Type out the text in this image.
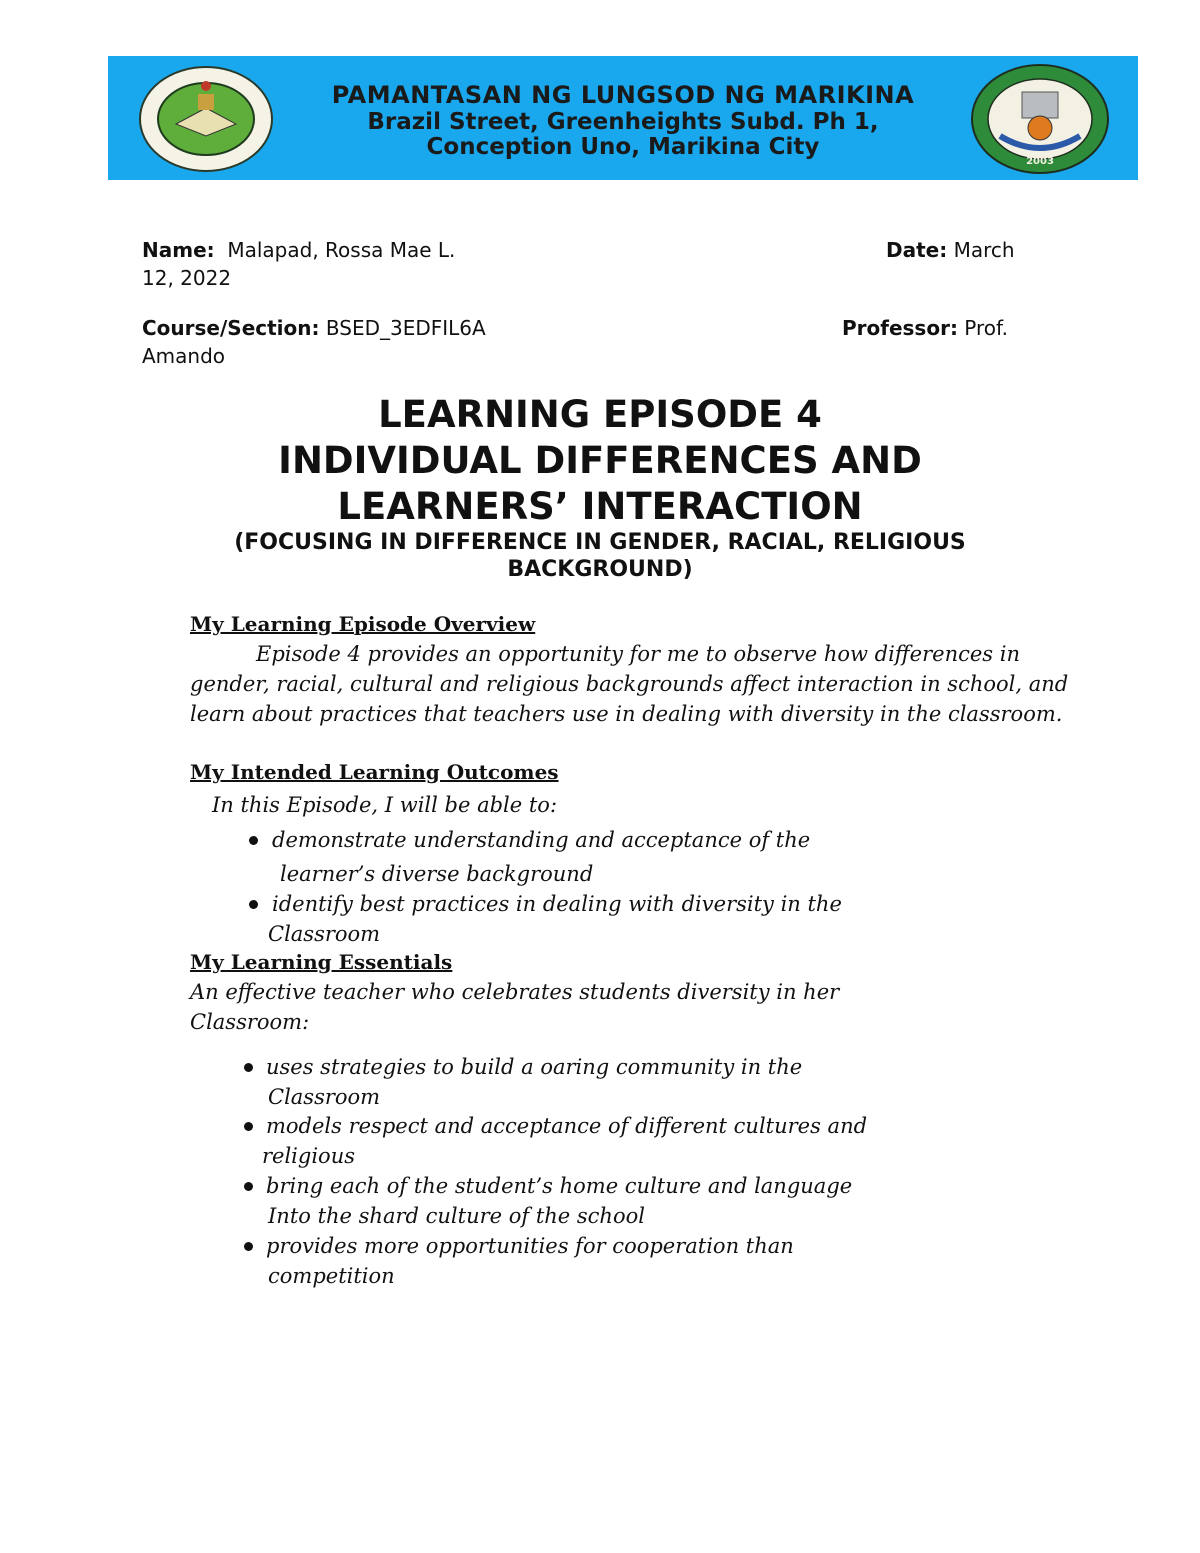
2003
PAMANTASAN NG LUNGSOD NG MARIKINA
Brazil Street, Greenheights Subd. Ph 1,
Conception Uno, Marikina City
Name: Malapad, Rossa Mae L.	Date: March
12, 2022
Course/Section: BSED_3EDFIL6A	Professor: Prof.
Amando
LEARNING EPISODE 4
INDIVIDUAL DIFFERENCES AND
LEARNERS’ INTERACTION
(FOCUSING IN DIFFERENCE IN GENDER, RACIAL, RELIGIOUS
BACKGROUND)
My Learning Episode Overview
Episode 4 provides an opportunity for me to observe how differences in
gender, racial, cultural and religious backgrounds affect interaction in school, and
learn about practices that teachers use in dealing with diversity in the classroom.
My Intended Learning Outcomes
In this Episode, I will be able to:
demonstrate understanding and acceptance of the
learner’s diverse background
identify best practices in dealing with diversity in the
Classroom
My Learning Essentials
An effective teacher who celebrates students diversity in her
Classroom:
uses strategies to build a oaring community in the
Classroom
models respect and acceptance of different cultures and
religious
bring each of the student’s home culture and language
Into the shard culture of the school
provides more opportunities for cooperation than
competition
